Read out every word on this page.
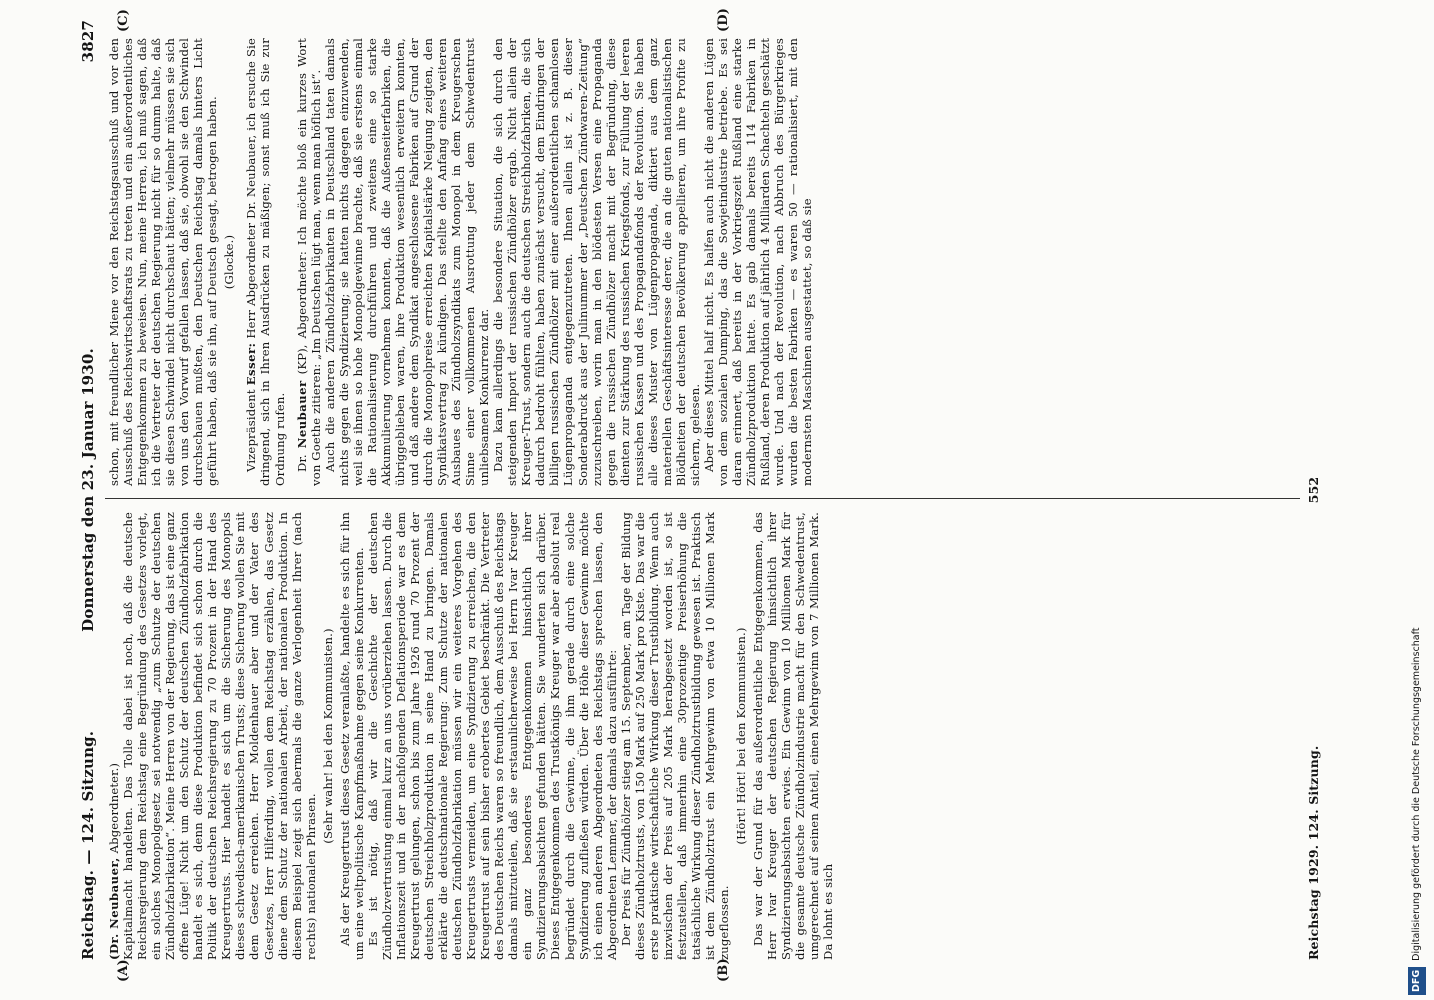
Reichstag. — 124. Sitzung.
Donnerstag den 23. Januar 1930.
3827
(A)	(B)
(C)	(D)

(Dr. Neubauer, Abgeordneter.) Kapitalmacht handelten. Das Tolle dabei ist noch, daß die deutsche Reichsregierung dem Reichstag eine Begründung des Gesetzes vorlegt, ein solches Monopolgesetz sei notwendig „zum Schutze der deutschen Zündholzfabrikation“. Meine Herren von der Regierung, das ist eine ganz offene Lüge! Nicht um den Schutz der deutschen Zündholzfabrikation handelt es sich, denn diese Produktion befindet sich schon durch die Politik der deutschen Reichsregierung zu 70 Prozent in der Hand des Kreugertrusts. Hier handelt es sich um die Sicherung des Monopols dieses schwedisch-amerikanischen Trusts; diese Sicherung wollen Sie mit dem Gesetz erreichen. Herr Moldenhauer aber und der Vater des Gesetzes, Herr Hilferding, wollen dem Reichstag erzählen, das Gesetz diene dem Schutz der nationalen Arbeit, der nationalen Produktion. In diesem Beispiel zeigt sich abermals die ganze Verlogenheit Ihrer (nach rechts) nationalen Phrasen.

(Sehr wahr! bei den Kommunisten.) Als der Kreugertrust dieses Gesetz veranlaßte, handelte es sich für ihn um eine weltpolitische Kampfmaßnahme gegen seine Konkurrenten. Es ist nötig, daß wir die Geschichte der deutschen Zündholzvertrustung einmal kurz an uns vorüberziehen lassen. Durch die Inflationszeit und in der nachfolgenden Deflationsperiode war es dem Kreugertrust gelungen, schon bis zum Jahre 1926 rund 70 Prozent der deutschen Streichholzproduktion in seine Hand zu bringen. Damals erklärte die deutschnationale Regierung: Zum Schutze der nationalen deutschen Zündholzfabrikation müssen wir ein weiteres Vorgehen des Kreugertrusts vermeiden, um eine Syndizierung zu erreichen, die den Kreugertrust auf sein bisher erobertes Gebiet beschränkt. Die Vertreter des Deutschen Reichs waren so freundlich, dem Ausschuß des Reichstags damals mitzuteilen, daß sie erstaunlicherweise bei Herrn Ivar Kreuger ein ganz besonderes Entgegenkommen hinsichtlich ihrer Syndizierungsabsichten gefunden hätten. Sie wunderten sich darüber. Dieses Entgegenkommen des Trustkönigs Kreuger war aber absolut real begründet durch die Gewinne, die ihm gerade durch eine solche Syndizierung zufließen würden. Über die Höhe dieser Gewinne möchte ich einen anderen Abgeordneten des Reichstags sprechen lassen, den Abgeordneten Lemmer, der damals dazu ausführte: Der Preis für Zündhölzer stieg am 15. September, am Tage der Bildung dieses Zündholztrusts, von 150 Mark auf 250 Mark pro Kiste. Das war die erste praktische wirtschaftliche Wirkung dieser Trustbildung. Wenn auch inzwischen der Preis auf 205 Mark herabgesetzt worden ist, so ist festzustellen, daß immerhin eine 30prozentige Preiserhöhung die tatsächliche Wirkung dieser Zündholztrustbildung gewesen ist. Praktisch ist dem Zündholztrust ein Mehrgewinn von etwa 10 Millionen Mark zugeflossen.

(Hört! Hört! bei den Kommunisten.) Das war der Grund für das außerordentliche Entgegenkommen, das Herr Ivar Kreuger der deutschen Regierung hinsichtlich ihrer Syndizierungsabsichten erwies. Ein Gewinn von 10 Millionen Mark für die gesamte deutsche Zündholzindustrie macht für den Schwedentrust, umgerechnet auf seinen Anteil, einen Mehrgewinn von 7 Millionen Mark. Da lohnt es sich

schon, mit freundlicher Miene vor den Reichstagsausschuß und vor den Ausschuß des Reichswirtschaftsrats zu treten und ein außerordentliches Entgegenkommen zu beweisen. Nun, meine Herren, ich muß sagen, daß ich die Vertreter der deutschen Regierung nicht für so dumm halte, daß sie diesen Schwindel nicht durchschaut hätten; vielmehr müssen sie sich von uns den Vorwurf gefallen lassen, daß sie, obwohl sie den Schwindel durchschauen mußten, den Deutschen Reichstag damals hinters Licht geführt haben, daß sie ihn, auf Deutsch gesagt, betrogen haben. (Glocke.)

Vizepräsident Esser: Herr Abgeordneter Dr. Neubauer, ich ersuche Sie dringend, sich in Ihren Ausdrücken zu mäßigen; sonst muß ich Sie zur Ordnung rufen. Dr. Neubauer (KP), Abgeordneter: Ich möchte bloß ein kurzes Wort von Goethe zitieren: „Im Deutschen lügt man, wenn man höflich ist“. Auch die anderen Zündholzfabrikanten in Deutschland taten damals nichts gegen die Syndizierung; sie hatten nichts dagegen einzuwenden, weil sie ihnen so hohe Monopolgewinne brachte, daß sie erstens einmal die Rationalisierung durchführen und zweitens eine so starke Akkumulierung vornehmen konnten, daß die Außenseiterfabriken, die übriggeblieben waren, ihre Produktion wesentlich erweitern konnten, und daß andere dem Syndikat angeschlossene Fabriken auf Grund der durch die Monopolpreise erreichten Kapitalstärke Neigung zeigten, den Syndikatsvertrag zu kündigen. Das stellte den Anfang eines weiteren Ausbaues des Zündholzsyndikats zum Monopol in dem Kreugerschen Sinne einer vollkommenen Ausrottung jeder dem Schwedentrust unliebsamen Konkurrenz dar. Dazu kam allerdings die besondere Situation, die sich durch den steigenden Import der russischen Zündhölzer ergab. Nicht allein der Kreuger-Trust, sondern auch die deutschen Streichholzfabriken, die sich dadurch bedroht fühlten, haben zunächst versucht, dem Eindringen der billigen russischen Zündhölzer mit einer außerordentlichen schamlosen Lügenpropaganda entgegenzutreten. Ihnen allein ist z. B. dieser Sonderabdruck aus der Julinummer der „Deutschen Zündwaren-Zeitung“ zuzuschreiben, worin man in den blödesten Versen eine Propaganda gegen die russischen Zündhölzer macht mit der Begründung, diese dienten zur Stärkung des russischen Kriegsfonds, zur Füllung der leeren russischen Kassen und des Propagandafonds der Revolution. Sie haben alle dieses Muster von Lügenpropaganda, diktiert aus dem ganz materiellen Geschäftsinteresse derer, die an die guten nationalistischen Blödheiten der deutschen Bevölkerung appellieren, um ihre Profite zu sichern, gelesen. Aber dieses Mittel half nicht. Es halfen auch nicht die anderen Lügen von dem sozialen Dumping, das die Sowjetindustrie betriebe. Es sei daran erinnert, daß bereits in der Vorkriegszeit Rußland eine starke Zündholzproduktion hatte. Es gab damals bereits 114 Fabriken in Rußland, deren Produktion auf jährlich 4 Milliarden Schachteln geschätzt wurde. Und nach der Revolution, nach Abbruch des Bürgerkrieges wurden die besten Fabriken — es waren 50 — rationalisiert, mit den modernsten Maschinen ausgestattet, so daß sie

Reichstag 1929. 124. Sitzung.
552
DFGDigitalisierung gefördert durch die Deutsche Forschungsgemeinschaft
